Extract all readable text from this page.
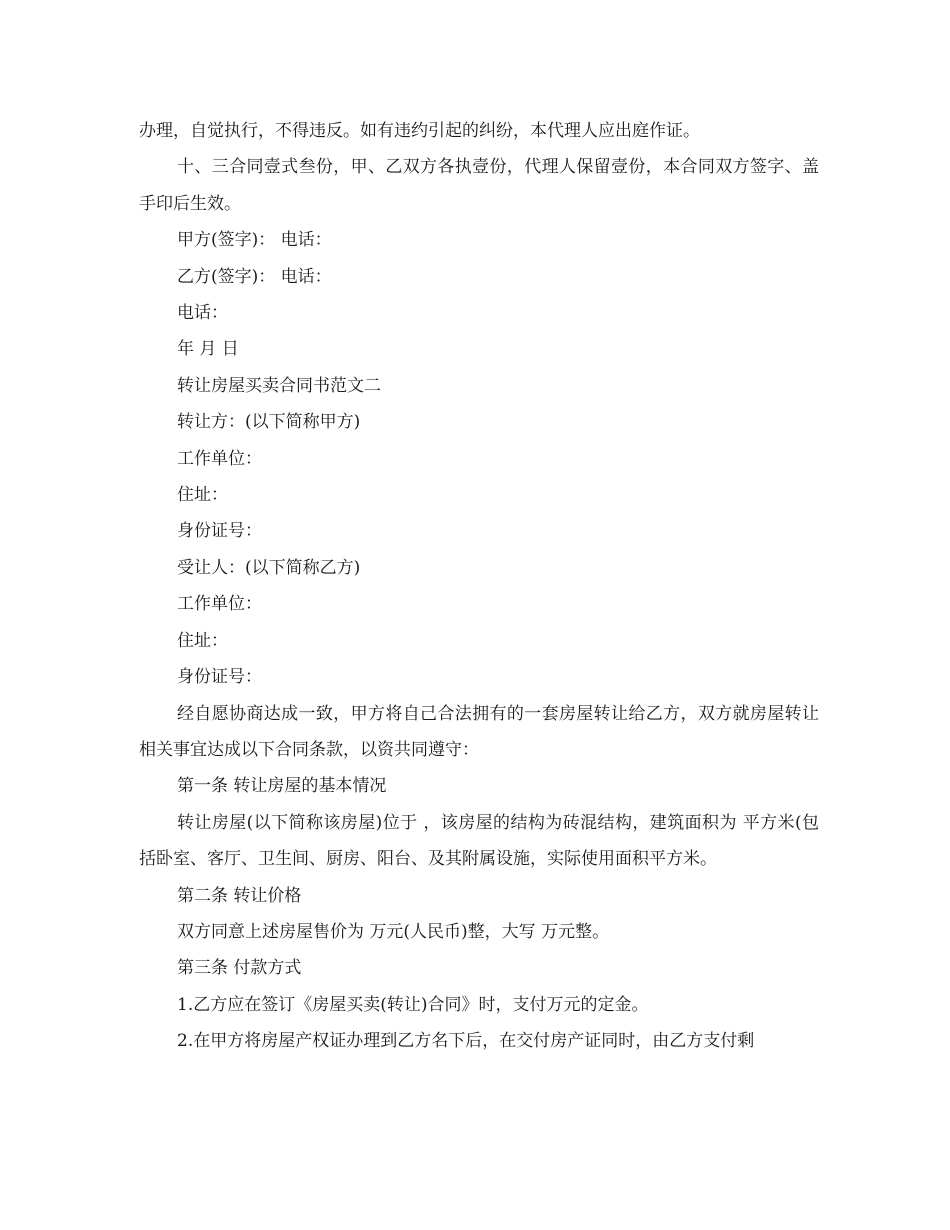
办理，自觉执行，不得违反。如有违约引起的纠纷，本代理人应出庭作证。

十、三合同壹式叁份，甲、乙双方各执壹份，代理人保留壹份，本合同双方签字、盖手印后生效。

甲方(签字)： 电话：

乙方(签字)： 电话：

电话：

年 月 日

转让房屋买卖合同书范文二

转让方：(以下简称甲方)

工作单位：

住址：

身份证号：

受让人：(以下简称乙方)

工作单位：

住址：

身份证号：

经自愿协商达成一致，甲方将自己合法拥有的一套房屋转让给乙方，双方就房屋转让相关事宜达成以下合同条款，以资共同遵守：

第一条 转让房屋的基本情况

转让房屋(以下简称该房屋)位于 ，该房屋的结构为砖混结构，建筑面积为 平方米(包括卧室、客厅、卫生间、厨房、阳台、及其附属设施，实际使用面积平方米。

第二条 转让价格

双方同意上述房屋售价为 万元(人民币)整，大写 万元整。

第三条 付款方式

1.乙方应在签订《房屋买卖(转让)合同》时，支付万元的定金。

2.在甲方将房屋产权证办理到乙方名下后，在交付房产证同时，由乙方支付剩
